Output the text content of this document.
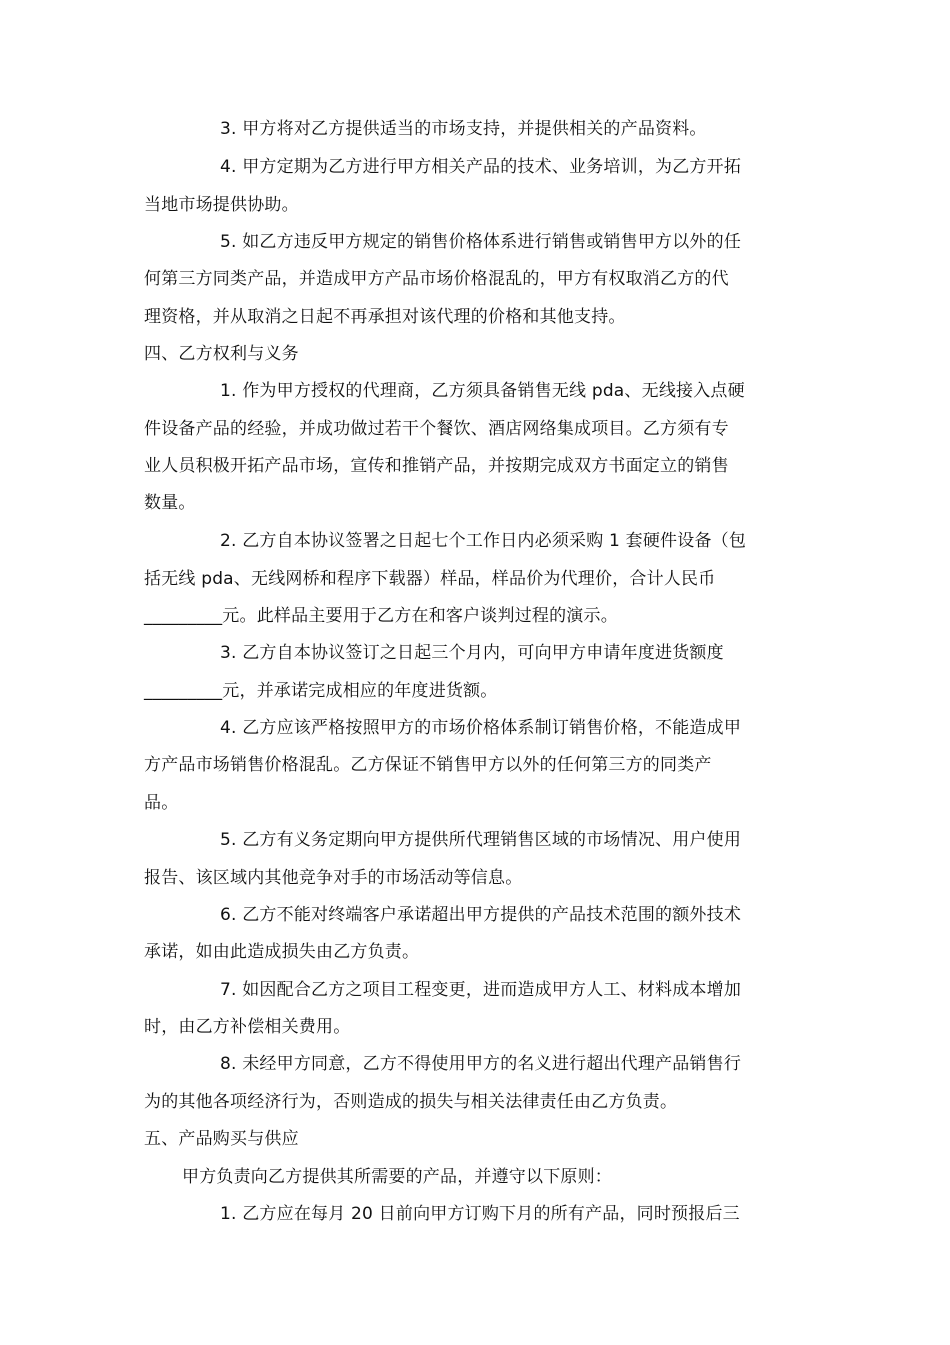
3. 甲方将对乙方提供适当的市场支持，并提供相关的产品资料。

4. 甲方定期为乙方进行甲方相关产品的技术、业务培训，为乙方开拓

当地市场提供协助。

5. 如乙方违反甲方规定的销售价格体系进行销售或销售甲方以外的任

何第三方同类产品，并造成甲方产品市场价格混乱的，甲方有权取消乙方的代

理资格，并从取消之日起不再承担对该代理的价格和其他支持。

四、乙方权利与义务

1. 作为甲方授权的代理商，乙方须具备销售无线 pda、无线接入点硬

件设备产品的经验，并成功做过若干个餐饮、酒店网络集成项目。乙方须有专

业人员积极开拓产品市场，宣传和推销产品，并按期完成双方书面定立的销售

数量。

2. 乙方自本协议签署之日起七个工作日内必须采购 1 套硬件设备（包

括无线 pda、无线网桥和程序下载器）样品，样品价为代理价，合计人民币

_________元。此样品主要用于乙方在和客户谈判过程的演示。

3. 乙方自本协议签订之日起三个月内，可向甲方申请年度进货额度

_________元，并承诺完成相应的年度进货额。

4. 乙方应该严格按照甲方的市场价格体系制订销售价格，不能造成甲

方产品市场销售价格混乱。乙方保证不销售甲方以外的任何第三方的同类产

品。

5. 乙方有义务定期向甲方提供所代理销售区域的市场情况、用户使用

报告、该区域内其他竞争对手的市场活动等信息。

6. 乙方不能对终端客户承诺超出甲方提供的产品技术范围的额外技术

承诺，如由此造成损失由乙方负责。

7. 如因配合乙方之项目工程变更，进而造成甲方人工、材料成本增加

时，由乙方补偿相关费用。

8. 未经甲方同意，乙方不得使用甲方的名义进行超出代理产品销售行

为的其他各项经济行为，否则造成的损失与相关法律责任由乙方负责。

五、产品购买与供应

甲方负责向乙方提供其所需要的产品，并遵守以下原则：

1. 乙方应在每月 20 日前向甲方订购下月的所有产品，同时预报后三
